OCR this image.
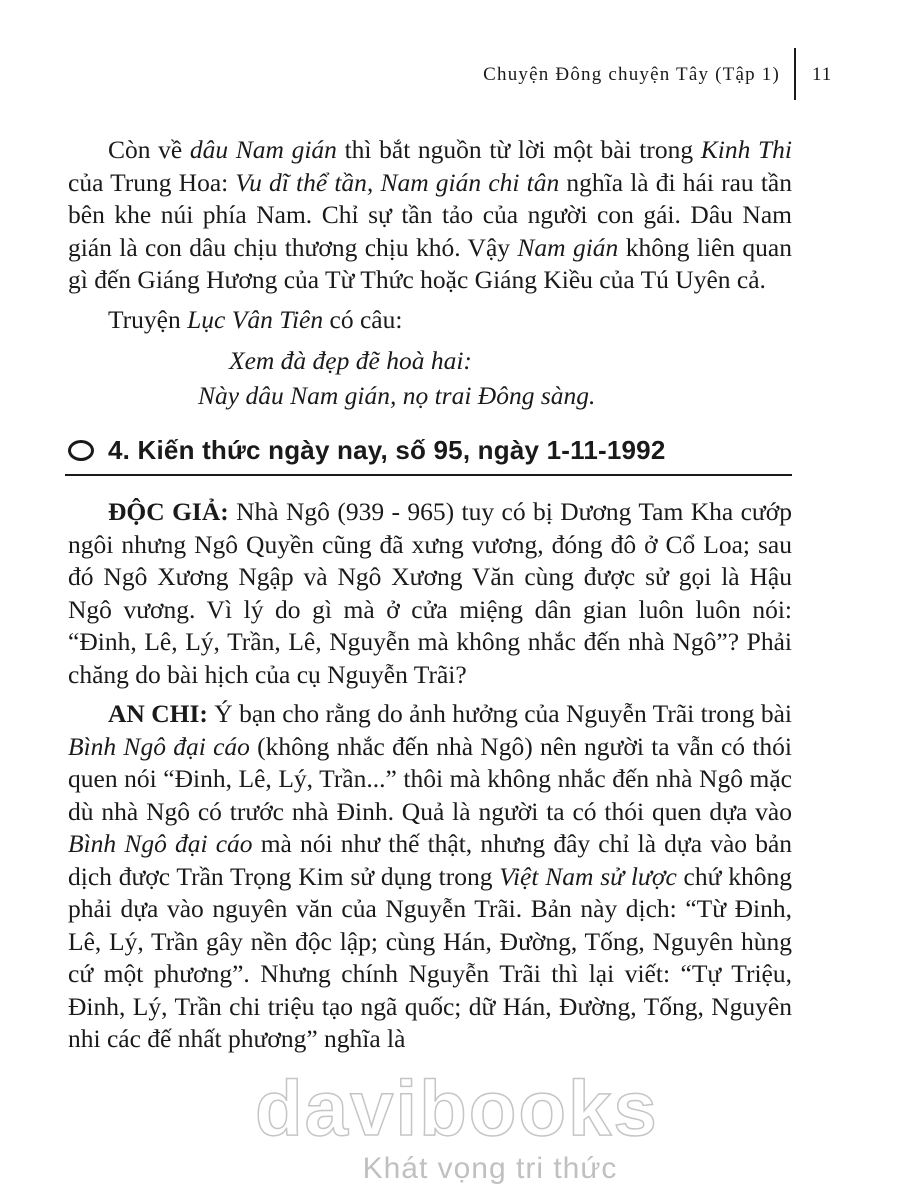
Chuyện Đông chuyện Tây (Tập 1) 11

Còn về dâu Nam gián thì bắt nguồn từ lời một bài trong Kinh Thi của Trung Hoa: Vu dĩ thể tần, Nam gián chi tân nghĩa là đi hái rau tần bên khe núi phía Nam. Chỉ sự tần tảo của người con gái. Dâu Nam gián là con dâu chịu thương chịu khó. Vậy Nam gián không liên quan gì đến Giáng Hương của Từ Thức hoặc Giáng Kiều của Tú Uyên cả.

Truyện Lục Vân Tiên có câu:

Xem đà đẹp đẽ hoà hai:

Này dâu Nam gián, nọ trai Đông sàng.

4. Kiến thức ngày nay, số 95, ngày 1-11-1992

ĐỘC GIẢ: Nhà Ngô (939 - 965) tuy có bị Dương Tam Kha cướp ngôi nhưng Ngô Quyền cũng đã xưng vương, đóng đô ở Cổ Loa; sau đó Ngô Xương Ngập và Ngô Xương Văn cùng được sử gọi là Hậu Ngô vương. Vì lý do gì mà ở cửa miệng dân gian luôn luôn nói: “Đinh, Lê, Lý, Trần, Lê, Nguyễn mà không nhắc đến nhà Ngô”? Phải chăng do bài hịch của cụ Nguyễn Trãi?

AN CHI: Ý bạn cho rằng do ảnh hưởng của Nguyễn Trãi trong bài Bình Ngô đại cáo (không nhắc đến nhà Ngô) nên người ta vẫn có thói quen nói “Đinh, Lê, Lý, Trần...” thôi mà không nhắc đến nhà Ngô mặc dù nhà Ngô có trước nhà Đinh. Quả là người ta có thói quen dựa vào Bình Ngô đại cáo mà nói như thế thật, nhưng đây chỉ là dựa vào bản dịch được Trần Trọng Kim sử dụng trong Việt Nam sử lược chứ không phải dựa vào nguyên văn của Nguyễn Trãi. Bản này dịch: “Từ Đinh, Lê, Lý, Trần gây nền độc lập; cùng Hán, Đường, Tống, Nguyên hùng cứ một phương”. Nhưng chính Nguyễn Trãi thì lại viết: “Tự Triệu, Đinh, Lý, Trần chi triệu tạo ngã quốc; dữ Hán, Đường, Tống, Nguyên nhi các đế nhất phương” nghĩa là

davibooks
Khát vọng tri thức
